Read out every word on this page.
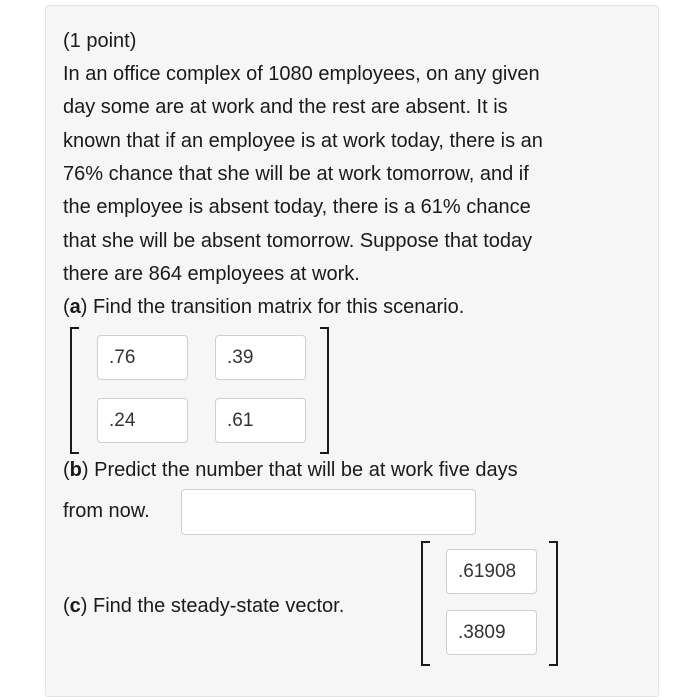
(1 point)
In an office complex of 1080 employees, on any given
day some are at work and the rest are absent. It is
known that if an employee is at work today, there is an
76% chance that she will be at work tomorrow, and if
the employee is absent today, there is a 61% chance
that she will be absent tomorrow. Suppose that today
there are 864 employees at work.
(a) Find the transition matrix for this scenario.
.76
.39
.24
.61
(b) Predict the number that will be at work five days
from now.
(c) Find the steady-state vector.
.61908
.3809
